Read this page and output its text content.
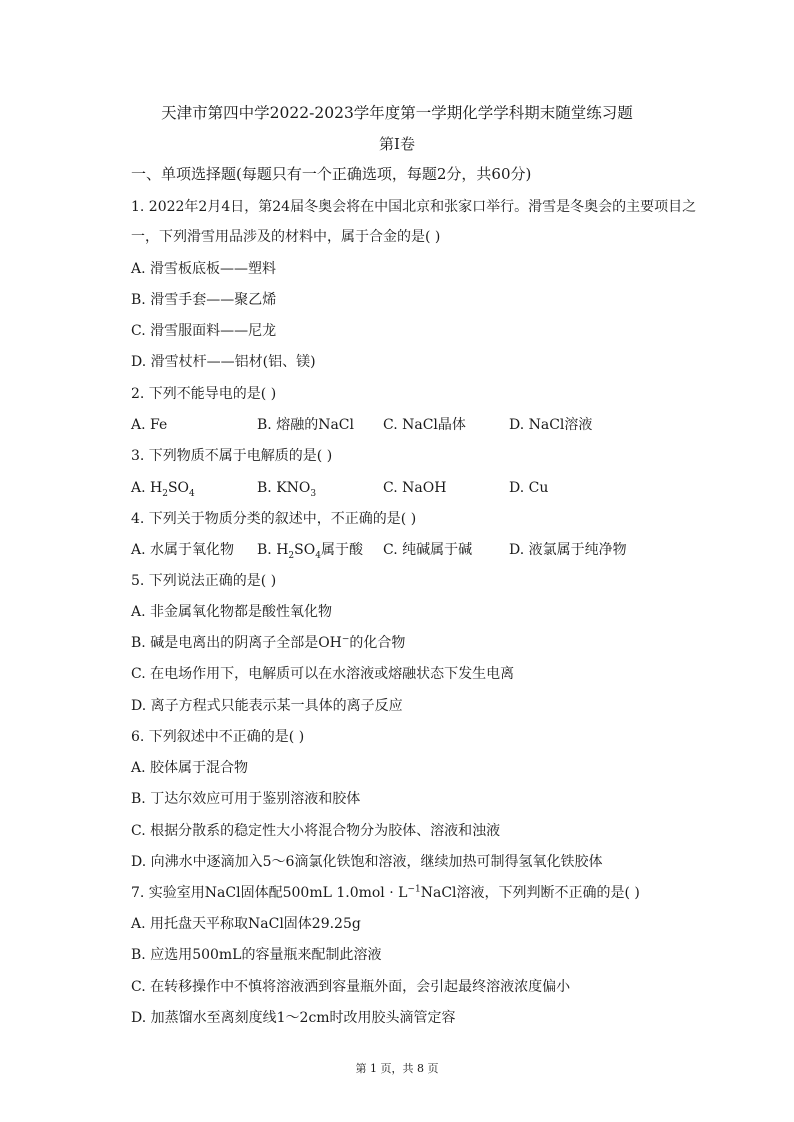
天津市第四中学2022-2023学年度第一学期化学学科期末随堂练习题
第Ⅰ卷
一、单项选择题(每题只有一个正确选项，每题2分，共60分)
1. 2022年2月4日，第24届冬奥会将在中国北京和张家口举行。滑雪是冬奥会的主要项目之
一，下列滑雪用品涉及的材料中，属于合金的是( )
A. 滑雪板底板——塑料
B. 滑雪手套——聚乙烯
C. 滑雪服面料——尼龙
D. 滑雪杖杆——铝材(铝、镁)
2. 下列不能导电的是( )
A. Fe	B. 熔融的NaCl C. NaCl晶体	D. NaCl溶液
3. 下列物质不属于电解质的是( )
A. $H_2SO_4$	B. $KNO_3$	C. NaOH	D. Cu
4. 下列关于物质分类的叙述中，不正确的是( )
A. 水属于氧化物 B. $H_2SO_4$属于酸 C. 纯碱属于碱	D. 液氯属于纯净物
5. 下列说法正确的是( )
A. 非金属氧化物都是酸性氧化物
B. 碱是电离出的阴离子全部是OH−的化合物
C. 在电场作用下，电解质可以在水溶液或熔融状态下发生电离
D. 离子方程式只能表示某一具体的离子反应
6. 下列叙述中不正确的是( )
A. 胶体属于混合物
B. 丁达尔效应可用于鉴别溶液和胶体
C. 根据分散系的稳定性大小将混合物分为胶体、溶液和浊液
D. 向沸水中逐滴加入5～6滴氯化铁饱和溶液，继续加热可制得氢氧化铁胶体
7. 实验室用NaCl固体配500mL $1.0mol \cdot L^{-1}NaCl$溶液，下列判断不正确的是( )
A. 用托盘天平称取NaCl固体29.25g
B. 应选用500mL的容量瓶来配制此溶液
C. 在转移操作中不慎将溶液洒到容量瓶外面，会引起最终溶液浓度偏小
D. 加蒸馏水至离刻度线1～2cm时改用胶头滴管定容
第 1 页，共 8 页
